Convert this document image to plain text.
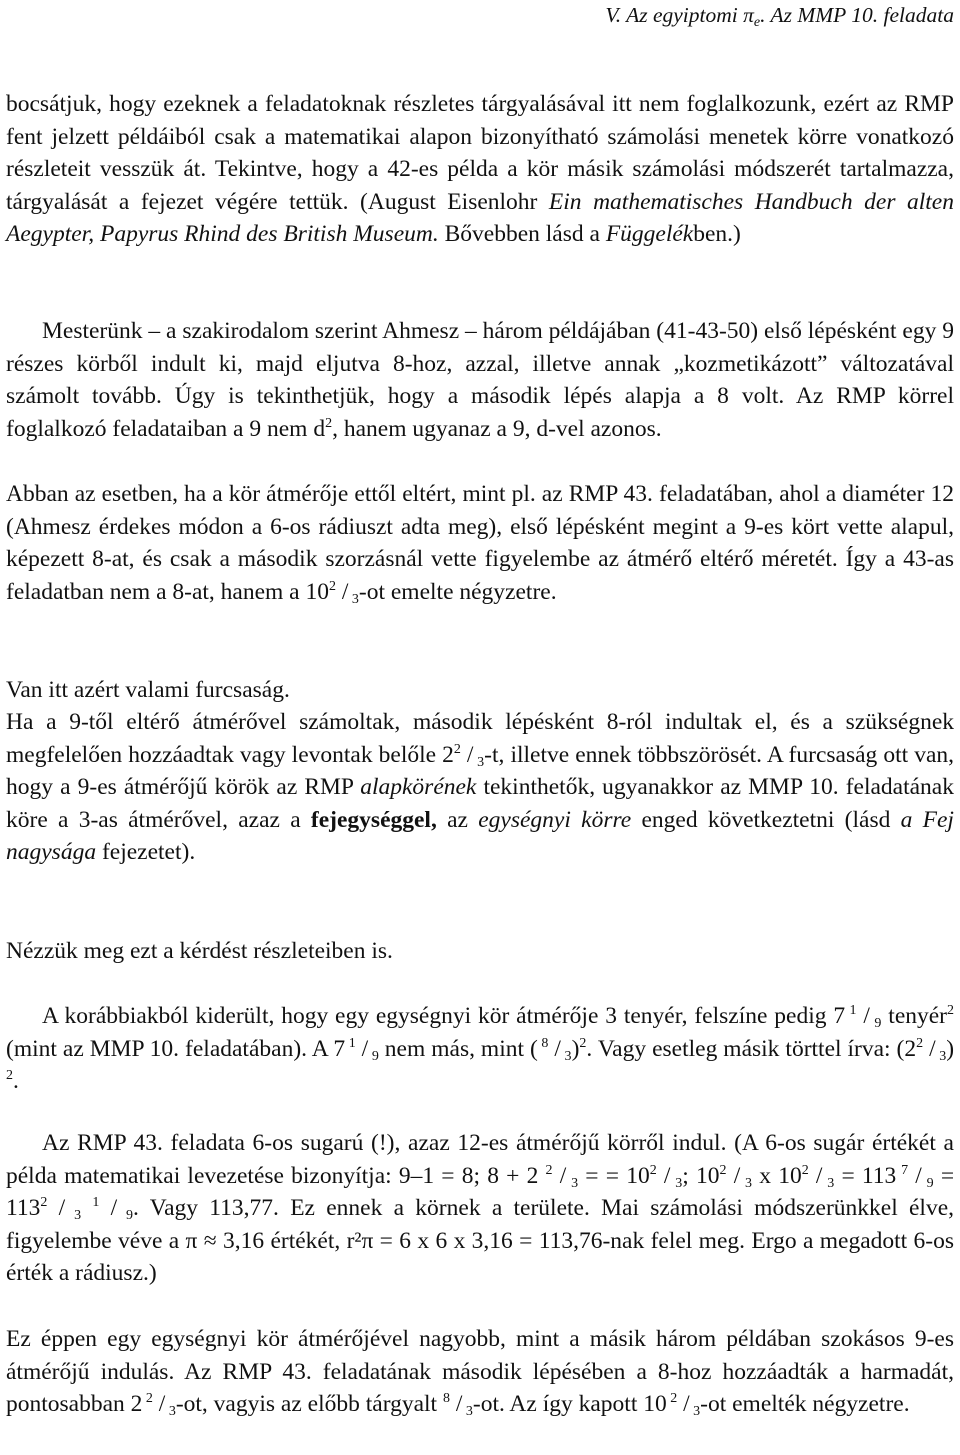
V. Az egyiptomi $\pi_e$. Az MMP 10. feladata

bocsátjuk, hogy ezeknek a feladatoknak részletes tárgyalásával itt nem foglalkozunk, ezért az RMP fent jelzett példáiból csak a matematikai alapon bizonyítható számolási menetek körre vonatkozó részleteit vesszük át. Tekintve, hogy a 42-es példa a kör másik számolási módszerét tartalmazza, tárgyalását a fejezet végére tettük. (August Eisenlohr Ein mathematisches Handbuch der alten Aegypter, Papyrus Rhind des British Museum. Bővebben lásd a Függelékben.)

Mesterünk – a szakirodalom szerint Ahmesz – három példájában (41-43-50) első lépésként egy 9 részes körből indult ki, majd eljutva 8-hoz, azzal, illetve annak „kozmetikázott” változatával számolt tovább. Úgy is tekinthetjük, hogy a második lépés alapja a 8 volt. Az RMP körrel foglalkozó feladataiban a 9 nem $d^2$, hanem ugyanaz a 9, d-vel azonos.

Abban az esetben, ha a kör átmérője ettől eltért, mint pl. az RMP 43. feladatában, ahol a diaméter 12 (Ahmesz érdekes módon a 6-os rádiuszt adta meg), első lépésként megint a 9-es kört vette alapul, képezett 8-at, és csak a második szorzásnál vette figyelembe az átmérő eltérő méretét. Így a 43-as feladatban nem a 8-at, hanem a $10^2 / _3-ot$ emelte négyzetre.

Van itt azért valami furcsaság.

Ha a 9-től eltérő átmérővel számoltak, második lépésként 8-ról indultak el, és a szükségnek megfelelően hozzáadtak vagy levontak belőle $2^2 / _3-t$, illetve ennek többszörösét. A furcsaság ott van, hogy a 9-es átmérőjű körök az RMP alapkörének tekinthetők, ugyanakkor az MMP 10. feladatának köre a 3-as átmérővel, azaz a fejegységgel, az egységnyi körre enged következtetni (lásd a Fej nagysága fejezetet).

Nézzük meg ezt a kérdést részleteiben is.

A korábbiakból kiderült, hogy egy egységnyi kör átmérője 3 tenyér, felszíne pedig 7 $^1$ / $_9$ tenyér$^2$ (mint az MMP 10. feladatában). A 7 $^1$ / $_9$ nem más, mint ( $^8$ / $_3$)$^2$. Vagy esetleg másik törttel írva: $(2^2 / _3)$ $^2$.

Az RMP 43. feladata 6-os sugarú (!), azaz 12-es átmérőjű körről indul. (A 6-os sugár értékét a példa matematikai levezetése bizonyítja: 9–1 = 8; 8 + 2 $^2$ / $_3$ = = $10^2 / _3$; $10^2 / _3$ x $10^2 / _3 = 113$ $^7 / _9 = 113^2 / _3$ $^1$ / $_9$. Vagy 113,77. Ez ennek a körnek a területe. Mai számolási módszerünkkel élve, figyelembe véve a π ≈ 3,16 értékét, r²π = 6 x 6 x 3,16 = 113,76-nak felel meg. Ergo a megadott 6-os érték a rádiusz.)

Ez éppen egy egységnyi kör átmérőjével nagyobb, mint a másik három példában szokásos 9-es átmérőjű indulás. Az RMP 43. feladatának második lépésében a 8-hoz hozzáadták a harmadát, pontosabban 2 $^2$ / $_3$-ot, vagyis az előbb tárgyalt $^8$ / $_3$-ot. Az így kapott 10 $^2$ / $_3$-ot emelték négyzetre.
